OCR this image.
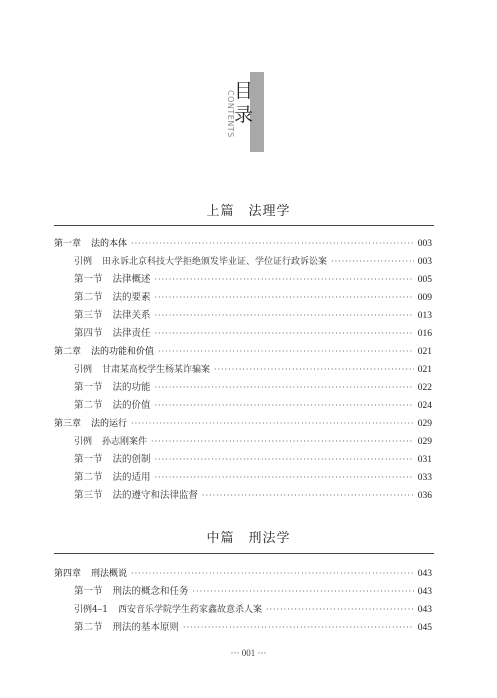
目
录
CONTENTS
上篇 法理学
第一章 法的本体 ·····	003
引例 田永诉北京科技大学拒绝颁发毕业证、学位证行政诉讼案 ·····	003
第一节 法律概述 ·····	005
第二节 法的要素 ·····	009
第三节 法律关系 ·····	013
第四节 法律责任 ·····	016
第二章 法的功能和价值 ·····	021
引例 甘肃某高校学生杨某诈骗案 ·····	021
第一节 法的功能 ·····	022
第二节 法的价值 ·····	024
第三章 法的运行 ·····	029
引例 孙志刚案件 ·····	029
第一节 法的创制 ·····	031
第二节 法的适用 ·····	033
第三节 法的遵守和法律监督 ·····	036
中篇 刑法学
第四章 刑法概说 ·····	043
第一节 刑法的概念和任务 ·····	043
引例4–1 西安音乐学院学生药家鑫故意杀人案 ·····	043
第二节 刑法的基本原则 ·····	045
··· 001 ···
